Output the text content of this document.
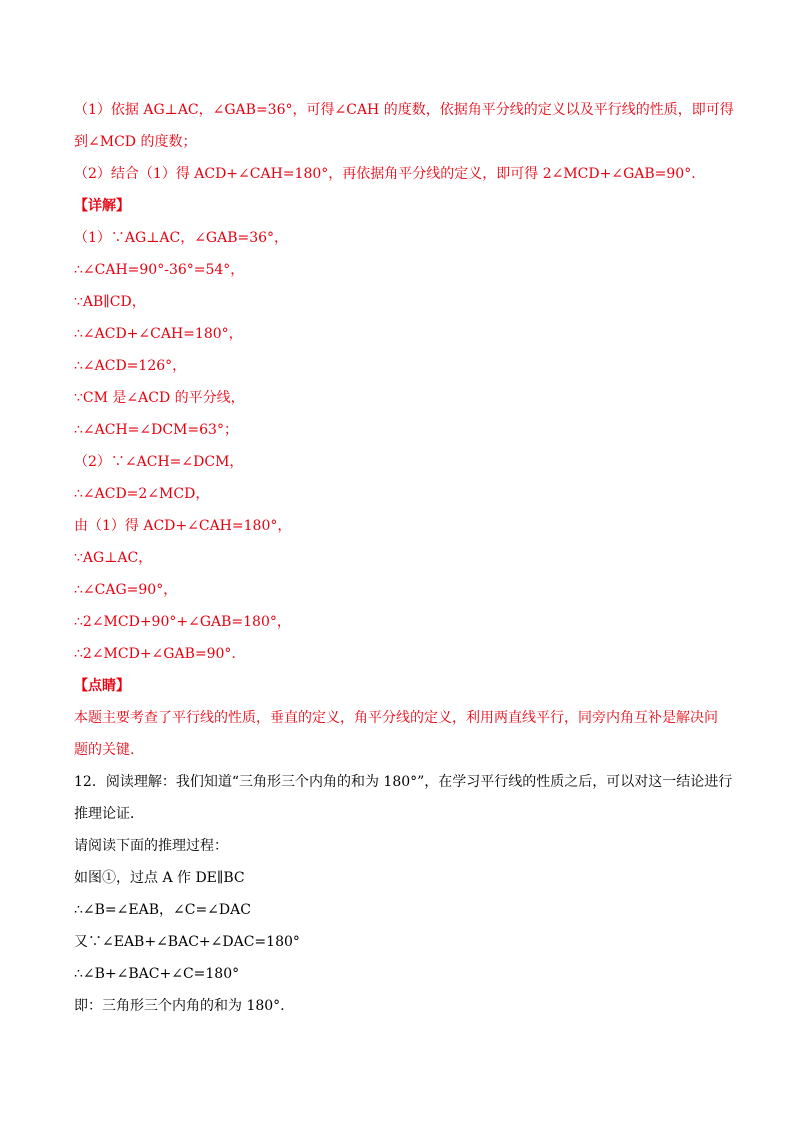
（1）依据 AG⊥AC，∠GAB=36°，可得∠CAH 的度数，依据角平分线的定义以及平行线的性质，即可得
到∠MCD 的度数；
（2）结合（1）得 ACD+∠CAH=180°，再依据角平分线的定义，即可得 2∠MCD+∠GAB=90°.
【详解】
（1）∵AG⊥AC，∠GAB=36°，
∴∠CAH=90°-36°=54°，
∵AB∥CD，
∴∠ACD+∠CAH=180°，
∴∠ACD=126°，
∵CM 是∠ACD 的平分线，
∴∠ACH=∠DCM=63°；
（2）∵∠ACH=∠DCM，
∴∠ACD=2∠MCD，
由（1）得 ACD+∠CAH=180°，
∵AG⊥AC，
∴∠CAG=90°，
∴2∠MCD+90°+∠GAB=180°，
∴2∠MCD+∠GAB=90°.
【点睛】
本题主要考查了平行线的性质，垂直的定义，角平分线的定义，利用两直线平行，同旁内角互补是解决问
题的关键.
12．阅读理解：我们知道“三角形三个内角的和为 180°”，在学习平行线的性质之后，可以对这一结论进行
推理论证．
请阅读下面的推理过程：
如图①，过点 A 作 DE∥BC
∴∠B=∠EAB，∠C=∠DAC
又∵∠EAB+∠BAC+∠DAC=180°
∴∠B+∠BAC+∠C=180°
即：三角形三个内角的和为 180°.
